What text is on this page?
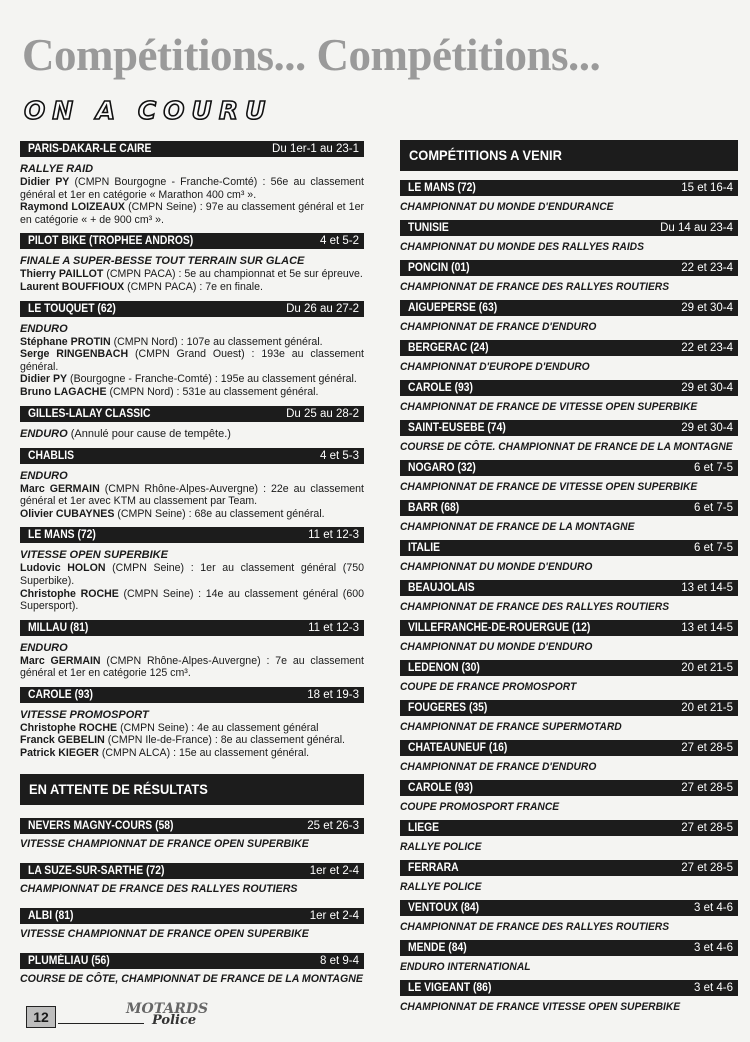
Compétitions... Compétitions...
ON A COURU
PARIS-DAKAR-LE CAIRE	Du 1er-1 au 23-1
RALLYE RAID
Didier PY (CMPN Bourgogne - Franche-Comté) : 56e au classement général et 1er en catégorie « Marathon 400 cm³ ».
Raymond LOIZEAUX (CMPN Seine) : 97e au classement général et 1er en catégorie « + de 900 cm³ ».
PILOT BIKE (TROPHEE ANDROS)	4 et 5-2
FINALE A SUPER-BESSE TOUT TERRAIN SUR GLACE
Thierry PAILLOT (CMPN PACA) : 5e au championnat et 5e sur épreuve.
Laurent BOUFFIOUX (CMPN PACA) : 7e en finale.
LE TOUQUET (62)	Du 26 au 27-2
ENDURO
Stéphane PROTIN (CMPN Nord) : 107e au classement général.
Serge RINGENBACH (CMPN Grand Ouest) : 193e au classement général.
Didier PY (Bourgogne - Franche-Comté) : 195e au classement général.
Bruno LAGACHE (CMPN Nord) : 531e au classement général.
GILLES-LALAY CLASSIC	Du 25 au 28-2
ENDURO (Annulé pour cause de tempête.)
CHABLIS	4 et 5-3
ENDURO
Marc GERMAIN (CMPN Rhône-Alpes-Auvergne) : 22e au classement général et 1er avec KTM au classement par Team.
Olivier CUBAYNES (CMPN Seine) : 68e au classement général.
LE MANS (72)	11 et 12-3
VITESSE OPEN SUPERBIKE
Ludovic HOLON (CMPN Seine) : 1er au classement général (750 Superbike).
Christophe ROCHE (CMPN Seine) : 14e au classement général (600 Supersport).
MILLAU (81)	11 et 12-3
ENDURO
Marc GERMAIN (CMPN Rhône-Alpes-Auvergne) : 7e au classement général et 1er en catégorie 125 cm³.
CAROLE (93)	18 et 19-3
VITESSE PROMOSPORT
Christophe ROCHE (CMPN Seine) : 4e au classement général
Franck GEBELIN (CMPN Ile-de-France) : 8e au classement général.
Patrick KIEGER (CMPN ALCA) : 15e au classement général.
EN ATTENTE DE RÉSULTATS
NEVERS MAGNY-COURS (58)	25 et 26-3
VITESSE CHAMPIONNAT DE FRANCE OPEN SUPERBIKE
LA SUZE-SUR-SARTHE (72)	1er et 2-4
CHAMPIONNAT DE FRANCE DES RALLYES ROUTIERS
ALBI (81)	1er et 2-4
VITESSE CHAMPIONNAT DE FRANCE OPEN SUPERBIKE
PLUMÉLIAU (56)	8 et 9-4
COURSE DE CÔTE, CHAMPIONNAT DE FRANCE DE LA MONTAGNE
COMPÉTITIONS A VENIR
LE MANS (72)	15 et 16-4
CHAMPIONNAT DU MONDE D'ENDURANCE
TUNISIE	Du 14 au 23-4
CHAMPIONNAT DU MONDE DES RALLYES RAIDS
PONCIN (01)	22 et 23-4
CHAMPIONNAT DE FRANCE DES RALLYES ROUTIERS
AIGUEPERSE (63)	29 et 30-4
CHAMPIONNAT DE FRANCE D'ENDURO
BERGERAC (24)	22 et 23-4
CHAMPIONNAT D'EUROPE D'ENDURO
CAROLE (93)	29 et 30-4
CHAMPIONNAT DE FRANCE DE VITESSE OPEN SUPERBIKE
SAINT-EUSEBE (74)	29 et 30-4
COURSE DE CÔTE. CHAMPIONNAT DE FRANCE DE LA MONTAGNE
NOGARO (32)	6 et 7-5
CHAMPIONNAT DE FRANCE DE VITESSE OPEN SUPERBIKE
BARR (68)	6 et 7-5
CHAMPIONNAT DE FRANCE DE LA MONTAGNE
ITALIE	6 et 7-5
CHAMPIONNAT DU MONDE D'ENDURO
BEAUJOLAIS	13 et 14-5
CHAMPIONNAT DE FRANCE DES RALLYES ROUTIERS
VILLEFRANCHE-DE-ROUERGUE (12)	13 et 14-5
CHAMPIONNAT DU MONDE D'ENDURO
LEDENON (30)	20 et 21-5
COUPE DE FRANCE PROMOSPORT
FOUGERES (35)	20 et 21-5
CHAMPIONNAT DE FRANCE SUPERMOTARD
CHATEAUNEUF (16)	27 et 28-5
CHAMPIONNAT DE FRANCE D'ENDURO
CAROLE (93)	27 et 28-5
COUPE PROMOSPORT FRANCE
LIEGE	27 et 28-5
RALLYE POLICE
FERRARA	27 et 28-5
RALLYE POLICE
VENTOUX (84)	3 et 4-6
CHAMPIONNAT DE FRANCE DES RALLYES ROUTIERS
MENDE (84)	3 et 4-6
ENDURO INTERNATIONAL
LE VIGEANT (86)	3 et 4-6
CHAMPIONNAT DE FRANCE VITESSE OPEN SUPERBIKE
12	MOTARDS
Police
